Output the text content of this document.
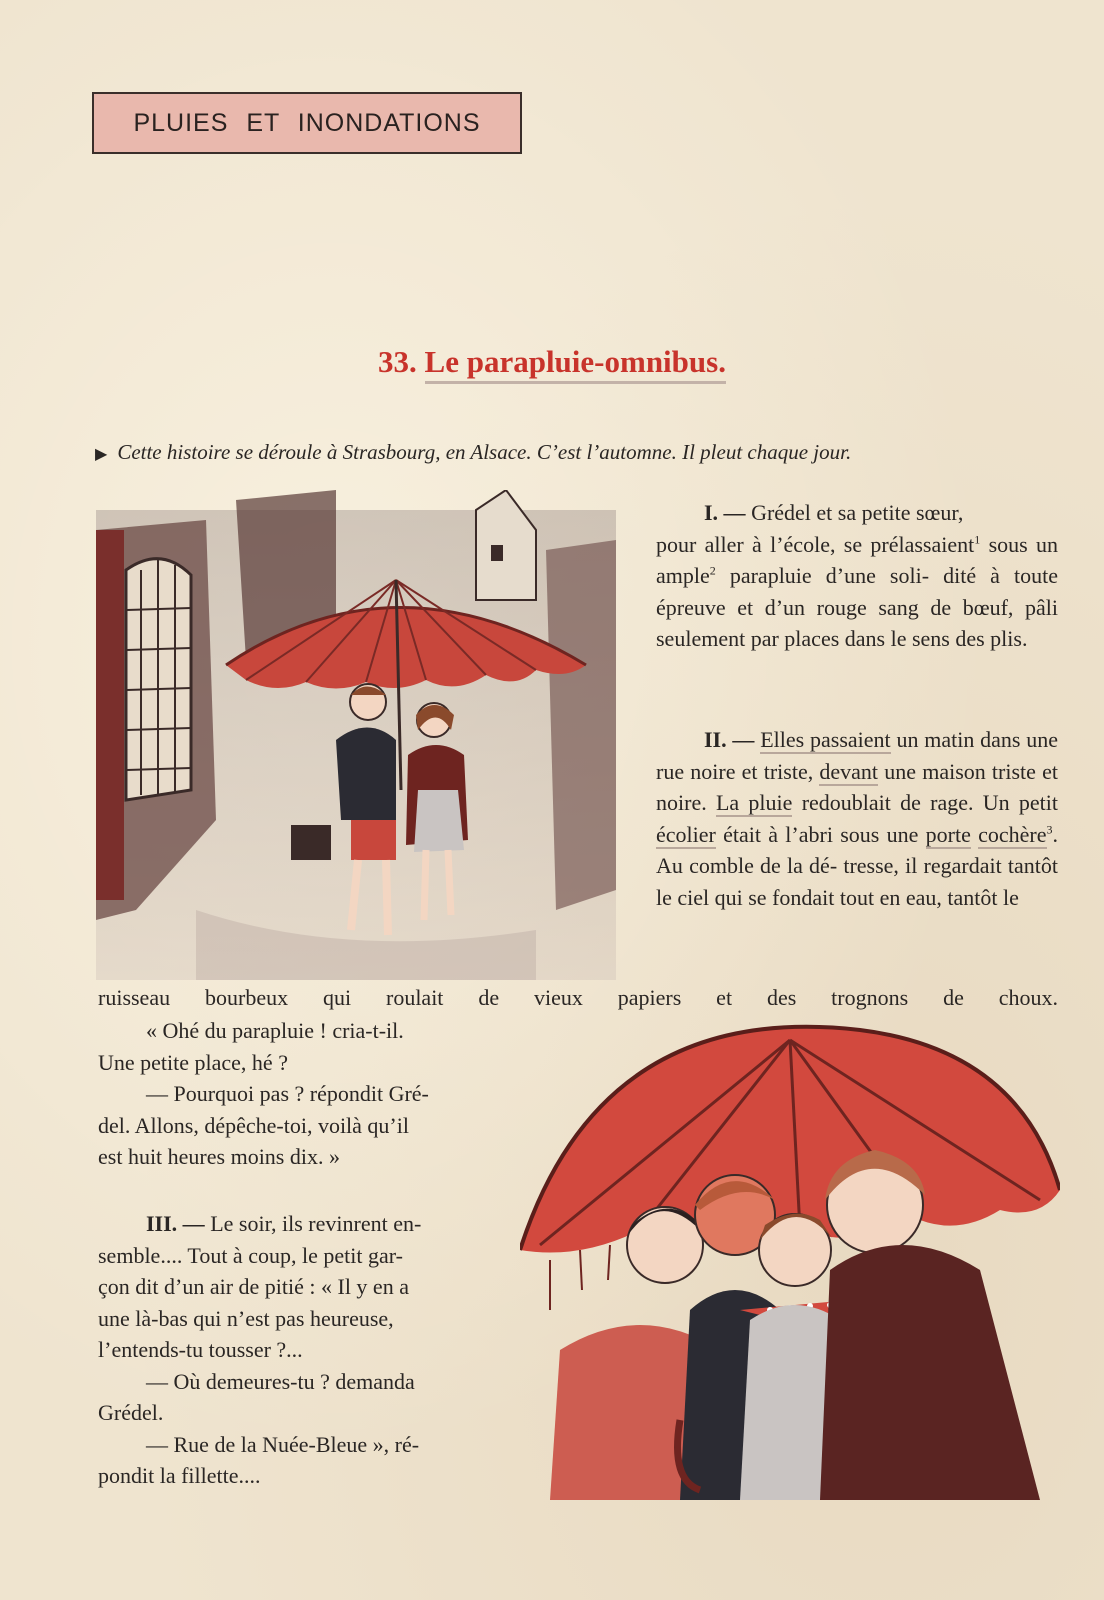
PLUIES ET INONDATIONS
33. Le parapluie-omnibus.
▶ Cette histoire se déroule à Strasbourg, en Alsace. C’est l’automne. Il pleut chaque jour.

I. — Grédel et sa petite sœur,
pour aller à l’école, se prélassaient$^1$ sous un ample$^2$ parapluie d’une soli- dité à toute épreuve et d’un rouge sang de bœuf, pâli seulement par places dans le sens des plis.

II. — Elles passaient un matin dans une rue noire et triste, devant une maison triste et noire. La pluie redoublait de rage. Un petit écolier était à l’abri sous une porte cochère$^3$. Au comble de la dé- tresse, il regardait tantôt le ciel qui se fondait tout en eau, tantôt le

ruisseau bourbeux qui roulait de vieux papiers et des trognons de choux.

« Ohé du parapluie ! cria-t-il.
Une petite place, hé ?
— Pourquoi pas ? répondit Gré-
del. Allons, dépêche-toi, voilà qu’il
est huit heures moins dix. »

III. — Le soir, ils revinrent en-
semble.... Tout à coup, le petit gar-
çon dit d’un air de pitié : « Il y en a
une là-bas qui n’est pas heureuse,
l’entends-tu tousser ?...
— Où demeures-tu ? demanda
Grédel.
— Rue de la Nuée-Bleue », ré-
pondit la fillette....
